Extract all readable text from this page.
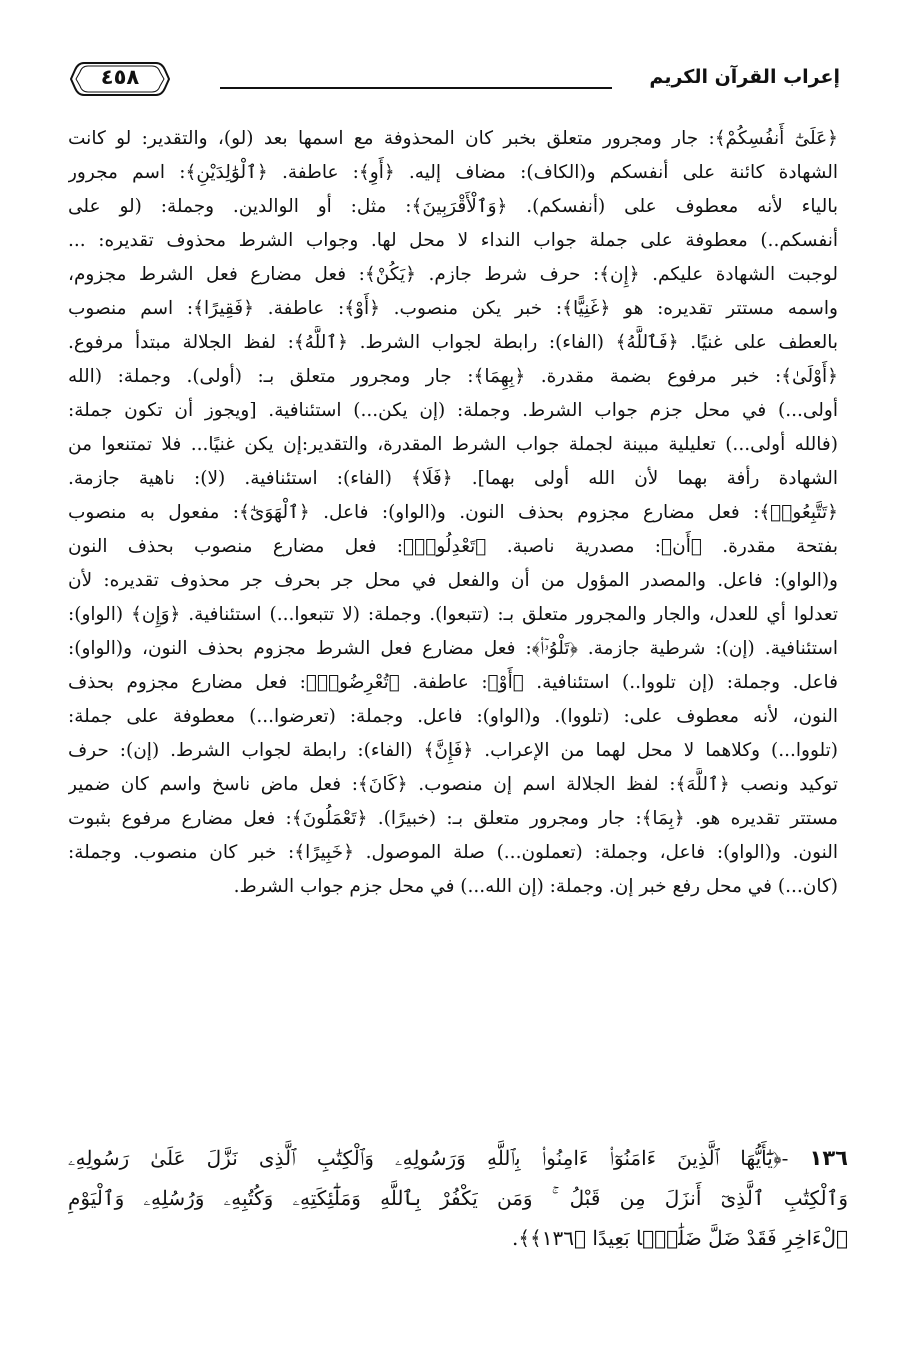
إعراب القرآن الكريم
٤٥٨
﴿عَلَىٰٓ أَنفُسِكُمْ﴾: جار ومجرور متعلق بخبر كان المحذوفة مع اسمها بعد (لو)، والتقدير: لو كانت
الشهادة كائنة على أنفسكم و(الكاف): مضاف إليه. ﴿أَوِ﴾: عاطفة. ﴿ٱلْوَٰلِدَيْنِ﴾: اسم مجرور
بالياء لأنه معطوف على (أنفسكم). ﴿وَٱلْأَقْرَبِينَ﴾: مثل: أو الوالدين. وجملة: (لو على
أنفسكم..) معطوفة على جملة جواب النداء لا محل لها. وجواب الشرط محذوف تقديره: ...
لوجبت الشهادة عليكم. ﴿إِن﴾: حرف شرط جازم. ﴿يَكُنْ﴾: فعل مضارع فعل الشرط مجزوم،
واسمه مستتر تقديره: هو ﴿غَنِيًّا﴾: خبر يكن منصوب. ﴿أَوْ﴾: عاطفة. ﴿فَقِيرًا﴾: اسم منصوب
بالعطف على غنيًا. ﴿فَٱللَّهُ﴾ (الفاء): رابطة لجواب الشرط. ﴿ٱللَّهُ﴾: لفظ الجلالة مبتدأ مرفوع.
﴿أَوْلَىٰ﴾: خبر مرفوع بضمة مقدرة. ﴿بِهِمَا﴾: جار ومجرور متعلق بـ: (أولى). وجملة: (الله
أولى...) في محل جزم جواب الشرط. وجملة: (إن يكن...) استئنافية. [ويجوز أن تكون جملة:
(فالله أولى...) تعليلية مبينة لجملة جواب الشرط المقدرة، والتقدير:إن يكن غنيًا... فلا تمتنعوا من
الشهادة رأفة بهما لأن الله أولى بهما]. ﴿فَلَا﴾ (الفاء): استئنافية. (لا): ناهية جازمة.
﴿تَتَّبِعُوا۟﴾: فعل مضارع مجزوم بحذف النون. و(الواو): فاعل. ﴿ٱلْهَوَىٰٓ﴾: مفعول به منصوب
بفتحة مقدرة. ﴿أَن﴾: مصدرية ناصبة. ﴿تَعْدِلُوا۟﴾: فعل مضارع منصوب بحذف النون
و(الواو): فاعل. والمصدر المؤول من أن والفعل في محل جر بحرف جر محذوف تقديره: لأن
تعدلوا أي للعدل، والجار والمجرور متعلق بـ: (تتبعوا). وجملة: (لا تتبعوا...) استئنافية. ﴿وَإِن﴾ (الواو):
استئنافية. (إن): شرطية جازمة. ﴿تَلْوُۥٓا۟﴾: فعل مضارع فعل الشرط مجزوم بحذف النون، و(الواو):
فاعل. وجملة: (إن تلووا..) استئنافية. ﴿أَوْ﴾: عاطفة. ﴿تُعْرِضُوا۟﴾: فعل مضارع مجزوم بحذف
النون، لأنه معطوف على: (تلووا). و(الواو): فاعل. وجملة: (تعرضوا...) معطوفة على جملة:
(تلووا...) وكلاهما لا محل لهما من الإعراب. ﴿فَإِنَّ﴾ (الفاء): رابطة لجواب الشرط. (إن): حرف
توكيد ونصب ﴿ٱللَّهَ﴾: لفظ الجلالة اسم إن منصوب. ﴿كَانَ﴾: فعل ماض ناسخ واسم كان ضمير
مستتر تقديره هو. ﴿بِمَا﴾: جار ومجرور متعلق بـ: (خبيرًا). ﴿تَعْمَلُونَ﴾: فعل مضارع مرفوع بثبوت
النون. و(الواو): فاعل، وجملة: (تعملون...) صلة الموصول. ﴿خَبِيرًا﴾: خبر كان منصوب. وجملة:
(كان...) في محل رفع خبر إن. وجملة: (إن الله...) في محل جزم جواب الشرط.
١٣٦ -﴿يَٰٓأَيُّهَا ٱلَّذِينَ ءَامَنُوٓا۟ ءَامِنُوا۟ بِٱللَّهِ وَرَسُولِهِۦ وَٱلْكِتَٰبِ ٱلَّذِى نَزَّلَ عَلَىٰ رَسُولِهِۦ
وَٱلْكِتَٰبِ ٱلَّذِىٓ أَنزَلَ مِن قَبْلُ ۚ وَمَن يَكْفُرْ بِٱللَّهِ وَمَلَٰٓئِكَتِهِۦ وَكُتُبِهِۦ وَرُسُلِهِۦ وَٱلْيَوْمِ
ٱلْءَاخِرِ فَقَدْ ضَلَّ ضَلَٰلًۢا بَعِيدًا ﴿١٣٦﴾﴾.
